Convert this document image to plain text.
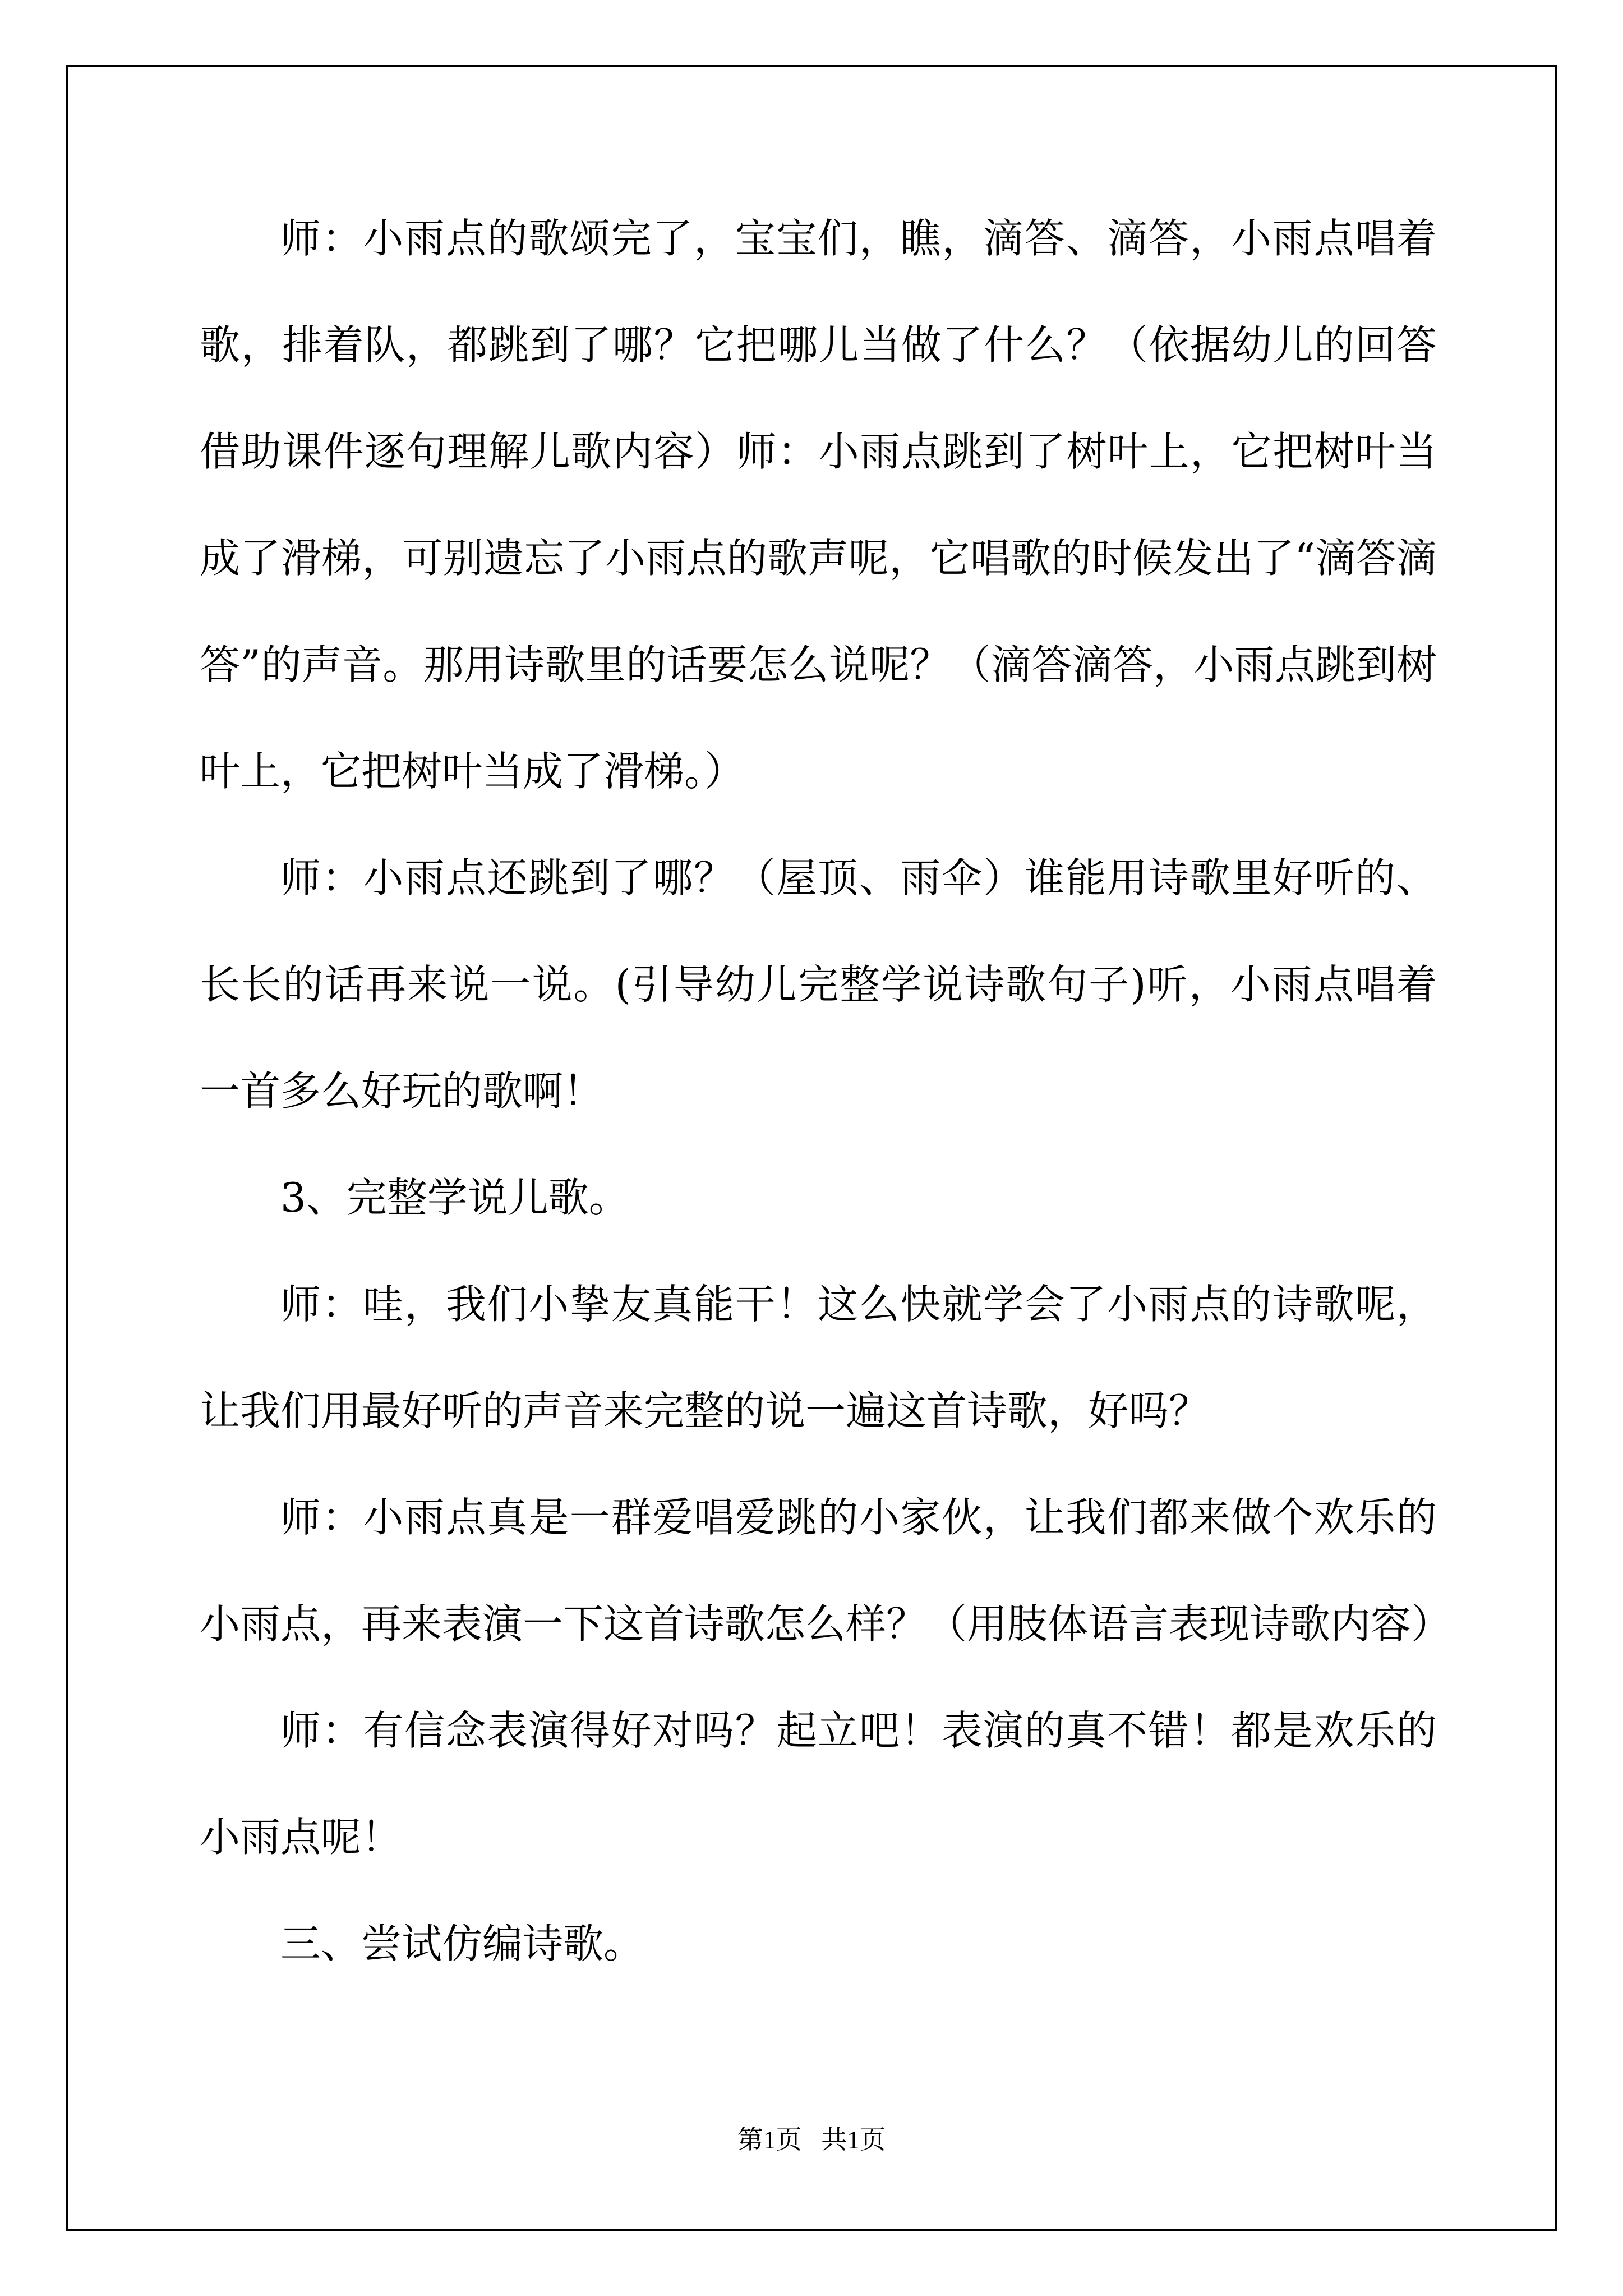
师：小雨点的歌颂完了，宝宝们，瞧，滴答、滴答，小雨点唱着歌，排着队，都跳到了哪？它把哪儿当做了什么？（依据幼儿的回答借助课件逐句理解儿歌内容）师：小雨点跳到了树叶上，它把树叶当成了滑梯，可别遗忘了小雨点的歌声呢，它唱歌的时候发出了“滴答滴答”的声音。那用诗歌里的话要怎么说呢？（滴答滴答，小雨点跳到树叶上，它把树叶当成了滑梯。）

师：小雨点还跳到了哪？（屋顶、雨伞）谁能用诗歌里好听的、长长的话再来说一说。(引导幼儿完整学说诗歌句子)听，小雨点唱着一首多么好玩的歌啊！

3、完整学说儿歌。

师：哇，我们小挚友真能干！这么快就学会了小雨点的诗歌呢，让我们用最好听的声音来完整的说一遍这首诗歌，好吗？

师：小雨点真是一群爱唱爱跳的小家伙，让我们都来做个欢乐的小雨点，再来表演一下这首诗歌怎么样？（用肢体语言表现诗歌内容）

师：有信念表演得好对吗？起立吧！表演的真不错！都是欢乐的小雨点呢！

三、尝试仿编诗歌。

第1页   共1页
